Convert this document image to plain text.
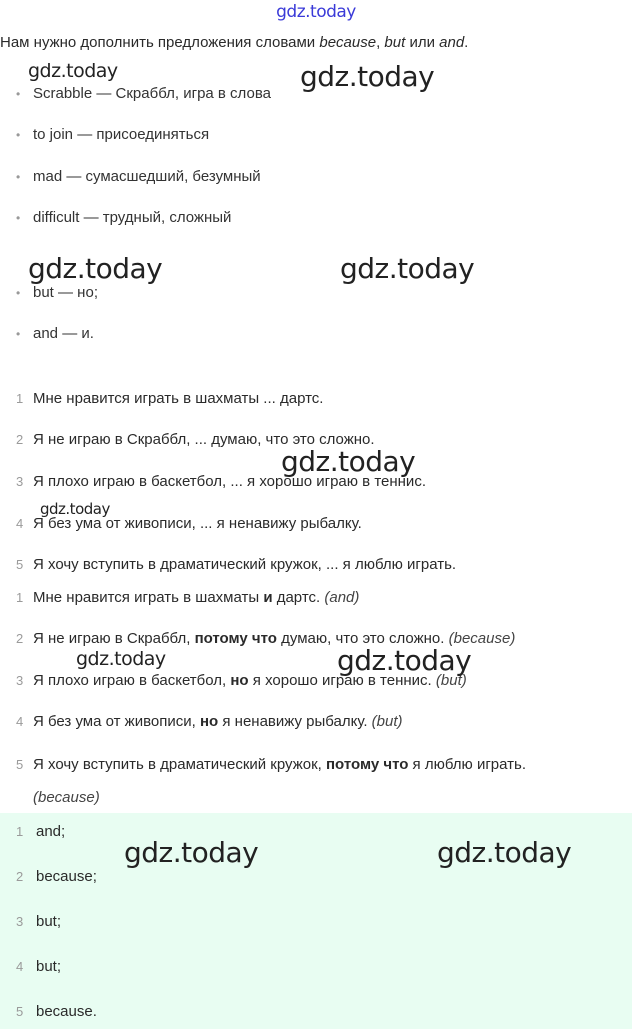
gdz.today
Нам нужно дополнить предложения словами because, but или and.
• Scrabble — Скраббл, игра в слова
• to join — присоединяться
• mad — сумасшедший, безумный
• difficult — трудный, сложный
• but — но;
• and — и.
1 Мне нравится играть в шахматы ... дартс.
2 Я не играю в Скраббл, ... думаю, что это сложно.
3 Я плохо играю в баскетбол, ... я хорошо играю в теннис.
4 Я без ума от живописи, ... я ненавижу рыбалку.
5 Я хочу вступить в драматический кружок, ... я люблю играть.
1 Мне нравится играть в шахматы и дартс. (and)
2 Я не играю в Скраббл, потому что думаю, что это сложно. (because)
3 Я плохо играю в баскетбол, но я хорошо играю в теннис. (but)
4 Я без ума от живописи, но я ненавижу рыбалку. (but)
5 Я хочу вступить в драматический кружок, потому что я люблю играть.
(because)
1 and;
2 because;
3 but;
4 but;
5 because.
gdz.today	gdz.today
gdz.today	gdz.today
gdz.today
gdz.today
gdz.today	gdz.today
gdz.today	gdz.today
